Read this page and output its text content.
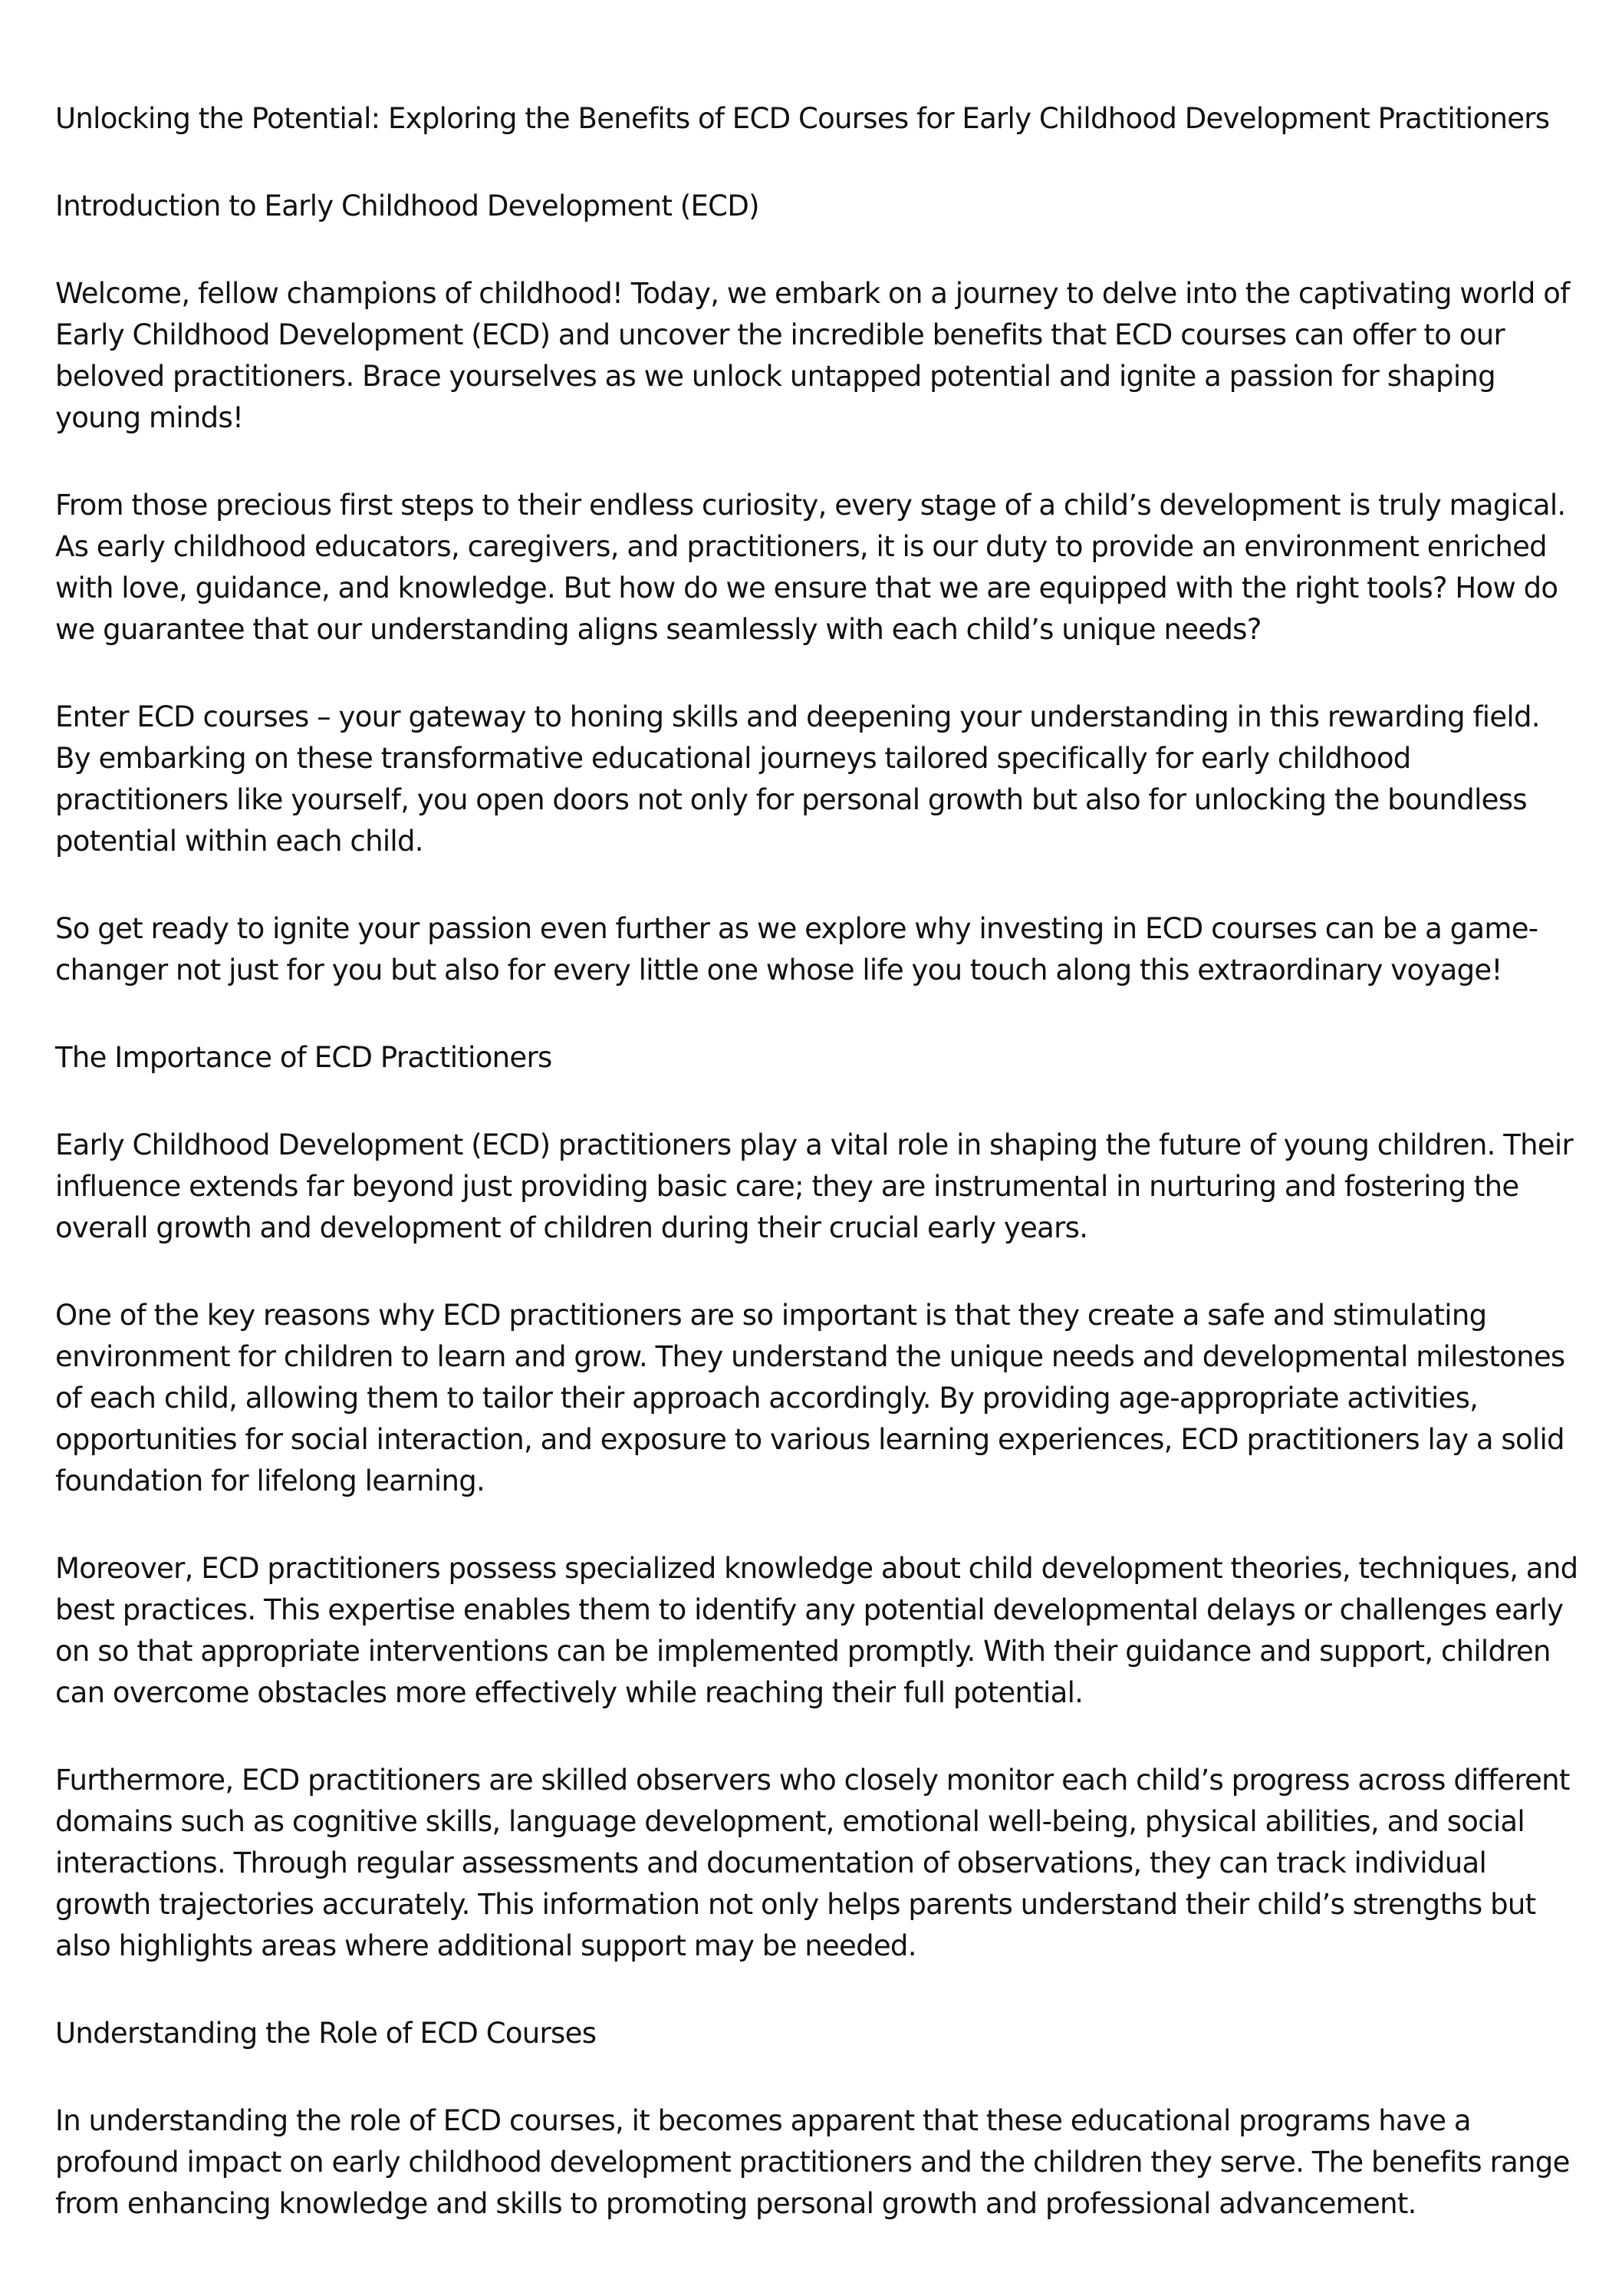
Unlocking the Potential: Exploring the Benefits of ECD Courses for Early Childhood Development Practitioners

Introduction to Early Childhood Development (ECD)

Welcome, fellow champions of childhood! Today, we embark on a journey to delve into the captivating world of Early Childhood Development (ECD) and uncover the incredible benefits that ECD courses can offer to our beloved practitioners. Brace yourselves as we unlock untapped potential and ignite a passion for shaping young minds!

From those precious first steps to their endless curiosity, every stage of a child’s development is truly magical. As early childhood educators, caregivers, and practitioners, it is our duty to provide an environment enriched with love, guidance, and knowledge. But how do we ensure that we are equipped with the right tools? How do we guarantee that our understanding aligns seamlessly with each child’s unique needs?

Enter ECD courses – your gateway to honing skills and deepening your understanding in this rewarding field. By embarking on these transformative educational journeys tailored specifically for early childhood practitioners like yourself, you open doors not only for personal growth but also for unlocking the boundless potential within each child.

So get ready to ignite your passion even further as we explore why investing in ECD courses can be a game-changer not just for you but also for every little one whose life you touch along this extraordinary voyage!

The Importance of ECD Practitioners

Early Childhood Development (ECD) practitioners play a vital role in shaping the future of young children. Their influence extends far beyond just providing basic care; they are instrumental in nurturing and fostering the overall growth and development of children during their crucial early years.

One of the key reasons why ECD practitioners are so important is that they create a safe and stimulating environment for children to learn and grow. They understand the unique needs and developmental milestones of each child, allowing them to tailor their approach accordingly. By providing age-appropriate activities, opportunities for social interaction, and exposure to various learning experiences, ECD practitioners lay a solid foundation for lifelong learning.

Moreover, ECD practitioners possess specialized knowledge about child development theories, techniques, and best practices. This expertise enables them to identify any potential developmental delays or challenges early on so that appropriate interventions can be implemented promptly. With their guidance and support, children can overcome obstacles more effectively while reaching their full potential.

Furthermore, ECD practitioners are skilled observers who closely monitor each child’s progress across different domains such as cognitive skills, language development, emotional well-being, physical abilities, and social interactions. Through regular assessments and documentation of observations, they can track individual growth trajectories accurately. This information not only helps parents understand their child’s strengths but also highlights areas where additional support may be needed.

Understanding the Role of ECD Courses

In understanding the role of ECD courses, it becomes apparent that these educational programs have a profound impact on early childhood development practitioners and the children they serve. The benefits range from enhancing knowledge and skills to promoting personal growth and professional advancement.
